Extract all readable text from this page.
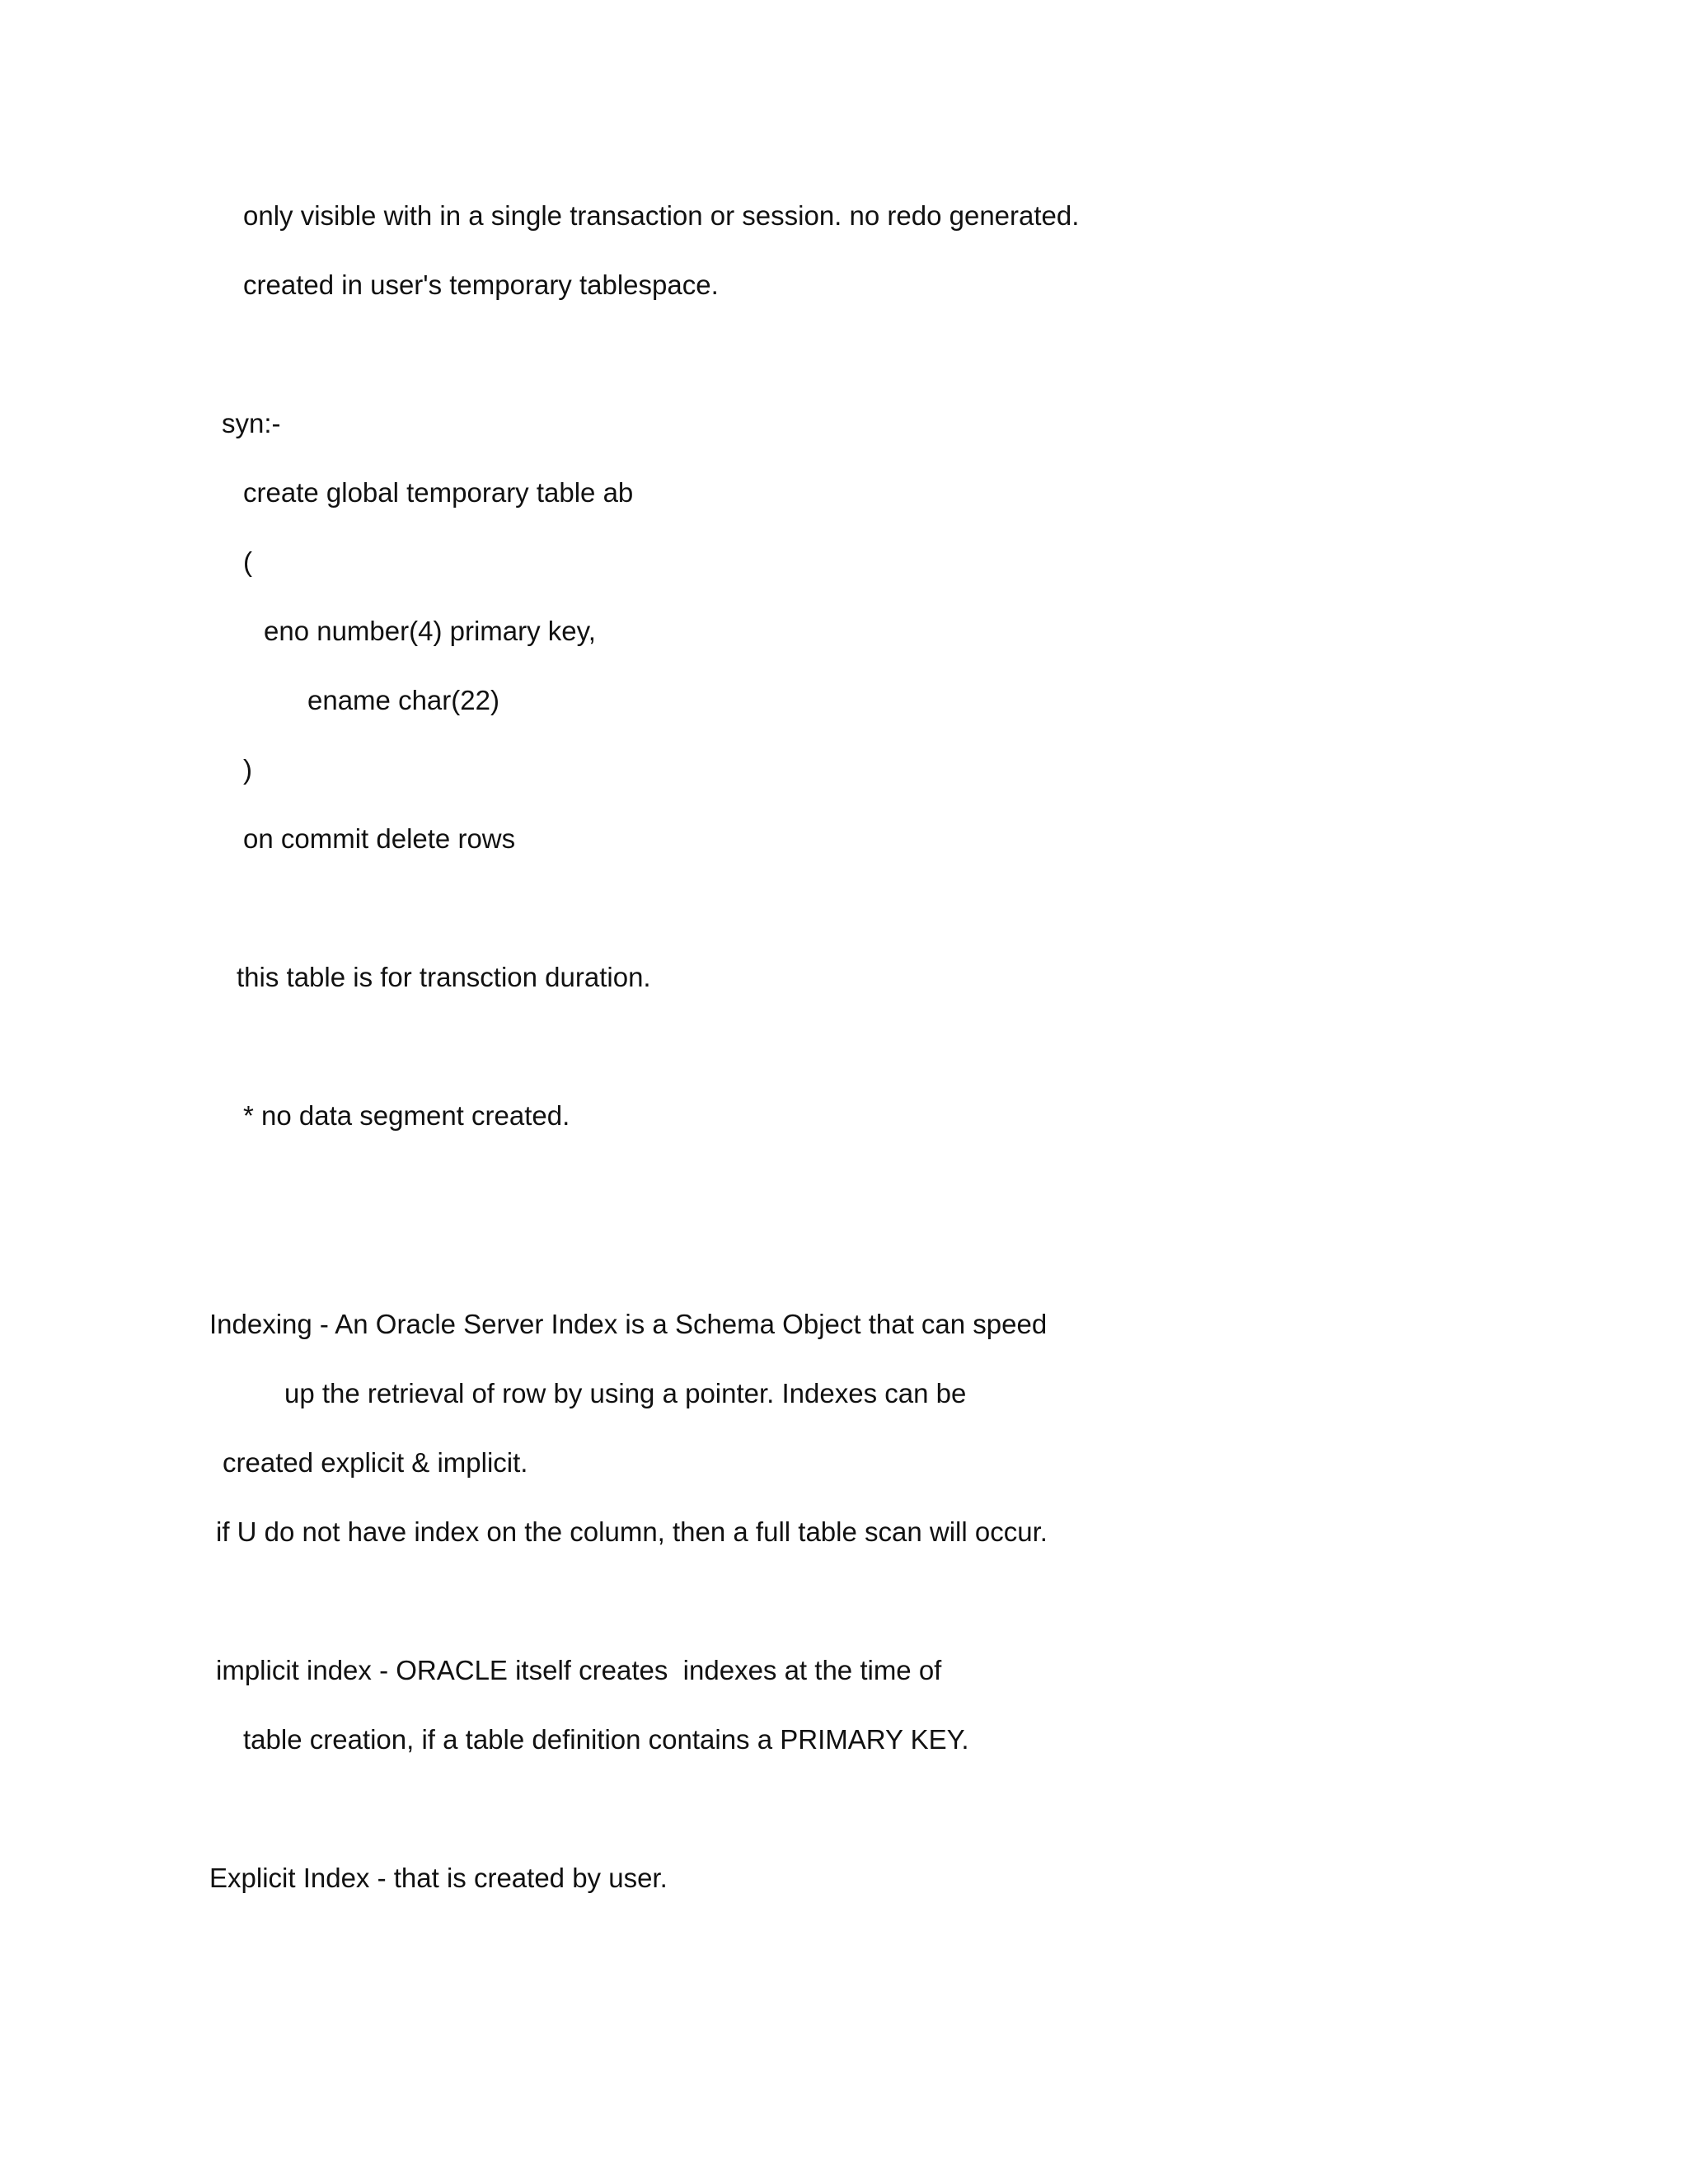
only visible with in a single transaction or session. no redo generated.
created in user's temporary tablespace.
syn:-
create global temporary table ab
(
eno number(4) primary key,
ename char(22)
)
on commit delete rows
this table is for transction duration.
* no data segment created.
Indexing - An Oracle Server Index is a Schema Object that can speed
up the retrieval of row by using a pointer. Indexes can be
created explicit & implicit.
if U do not have index on the column, then a full table scan will occur.
implicit index - ORACLE itself creates  indexes at the time of
table creation, if a table definition contains a PRIMARY KEY.
Explicit Index - that is created by user.
